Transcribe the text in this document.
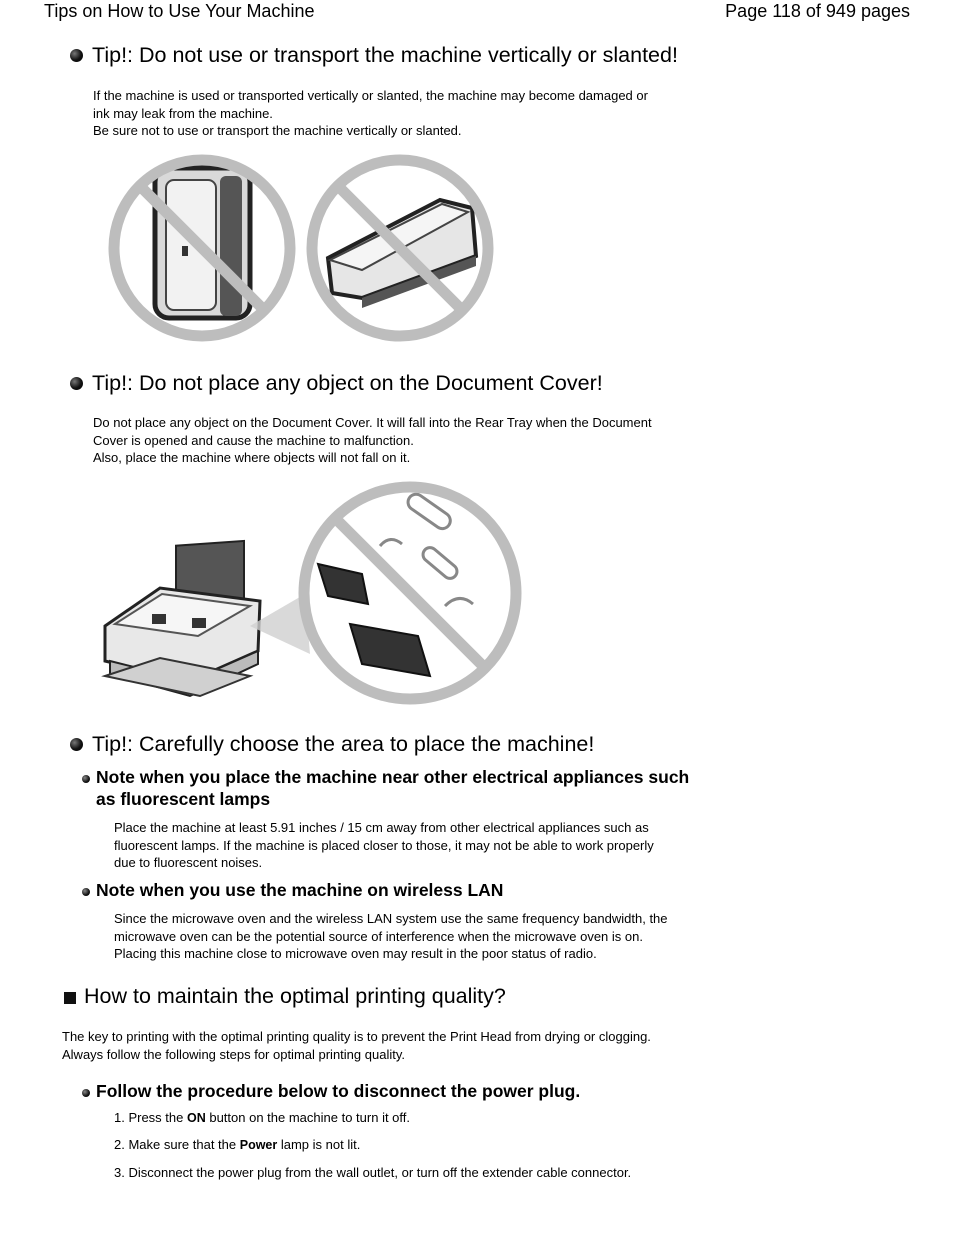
Tips on How to Use Your Machine	Page 118 of 949 pages
Tip!: Do not use or transport the machine vertically or slanted!
If the machine is used or transported vertically or slanted, the machine may become damaged or
ink may leak from the machine.
Be sure not to use or transport the machine vertically or slanted.
Tip!: Do not place any object on the Document Cover!
Do not place any object on the Document Cover. It will fall into the Rear Tray when the Document
Cover is opened and cause the machine to malfunction.
Also, place the machine where objects will not fall on it.
Tip!: Carefully choose the area to place the machine!
Note when you place the machine near other electrical appliances such
as fluorescent lamps
Place the machine at least 5.91 inches / 15 cm away from other electrical appliances such as
fluorescent lamps. If the machine is placed closer to those, it may not be able to work properly
due to fluorescent noises.
Note when you use the machine on wireless LAN
Since the microwave oven and the wireless LAN system use the same frequency bandwidth, the
microwave oven can be the potential source of interference when the microwave oven is on.
Placing this machine close to microwave oven may result in the poor status of radio.
How to maintain the optimal printing quality?
The key to printing with the optimal printing quality is to prevent the Print Head from drying or clogging.
Always follow the following steps for optimal printing quality.
Follow the procedure below to disconnect the power plug.
1. Press the ON button on the machine to turn it off.
2. Make sure that the Power lamp is not lit.
3. Disconnect the power plug from the wall outlet, or turn off the extender cable connector.
